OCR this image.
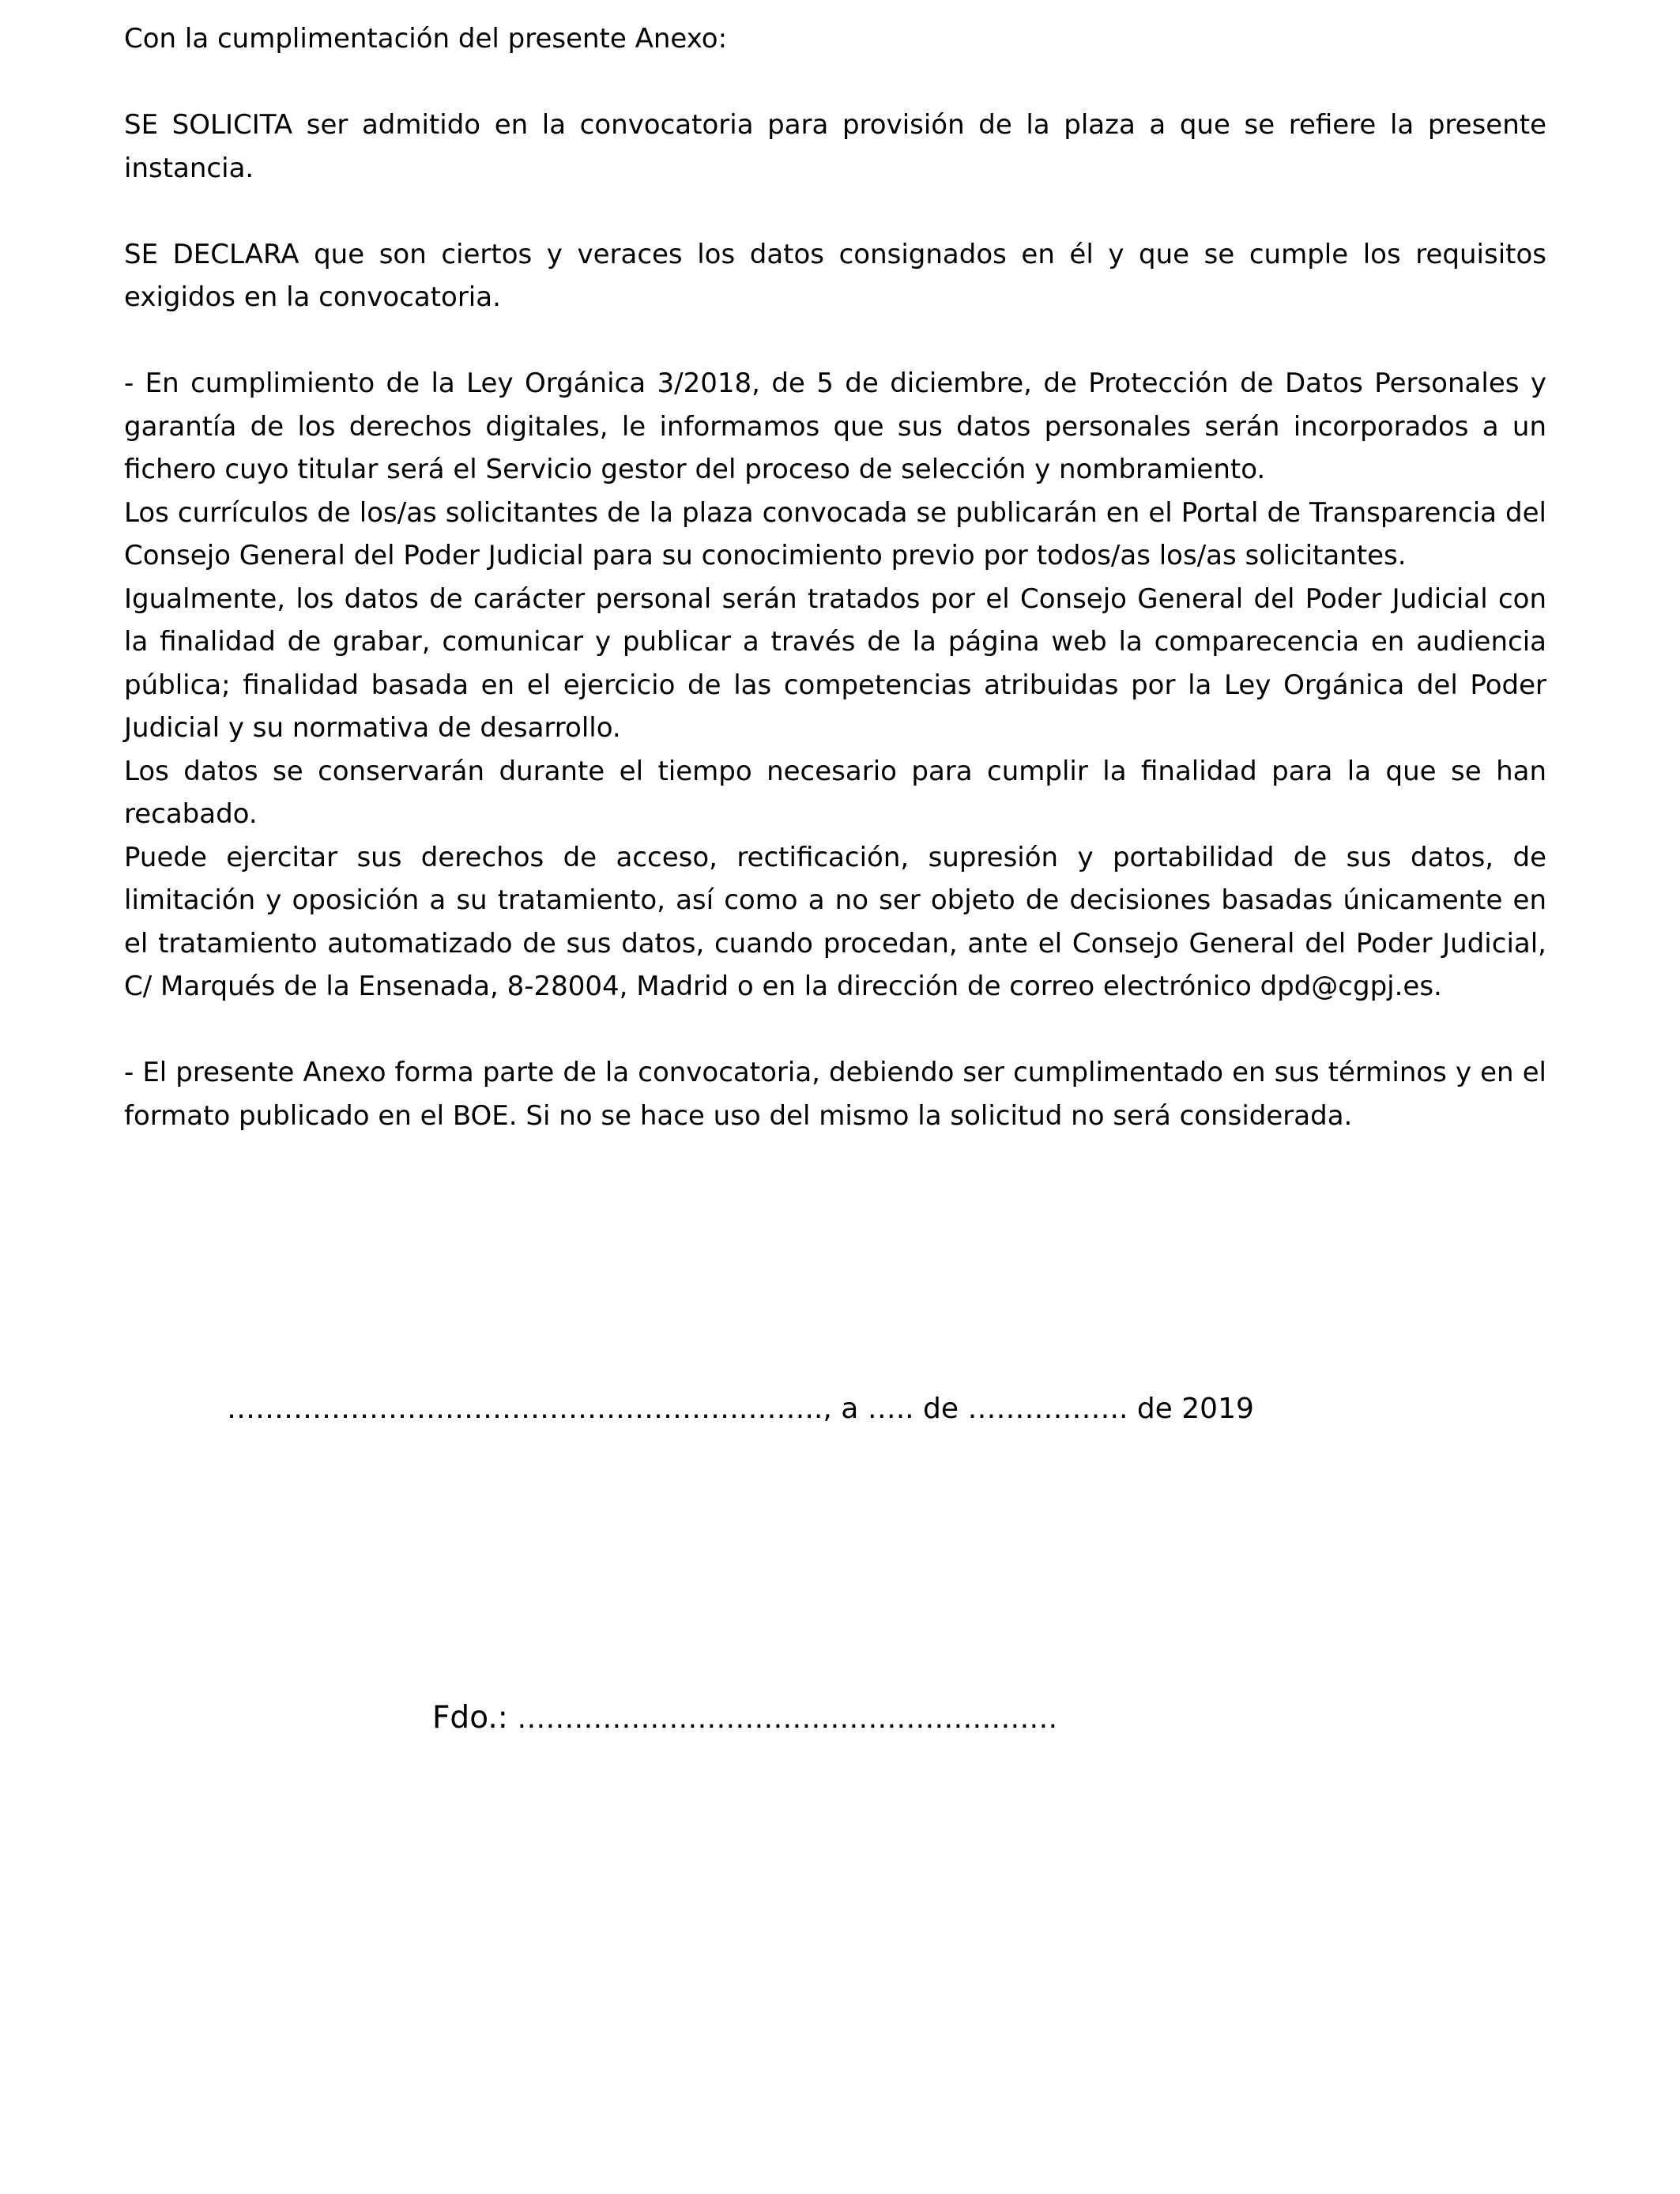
Con la cumplimentación del presente Anexo:

SE SOLICITA ser admitido en la convocatoria para provisión de la plaza a que se refiere la presente instancia.

SE DECLARA que son ciertos y veraces los datos consignados en él y que se cumple los requisitos exigidos en la convocatoria.

- En cumplimiento de la Ley Orgánica 3/2018, de 5 de diciembre, de Protección de Datos Personales y garantía de los derechos digitales, le informamos que sus datos personales serán incorporados a un fichero cuyo titular será el Servicio gestor del proceso de selección y nombramiento.

Los currículos de los/as solicitantes de la plaza convocada se publicarán en el Portal de Transparencia del Consejo General del Poder Judicial para su conocimiento previo por todos/as los/as solicitantes.

Igualmente, los datos de carácter personal serán tratados por el Consejo General del Poder Judicial con la finalidad de grabar, comunicar y publicar a través de la página web la comparecencia en audiencia pública; finalidad basada en el ejercicio de las competencias atribuidas por la Ley Orgánica del Poder Judicial y su normativa de desarrollo.

Los datos se conservarán durante el tiempo necesario para cumplir la finalidad para la que se han recabado.

Puede ejercitar sus derechos de acceso, rectificación, supresión y portabilidad de sus datos, de limitación y oposición a su tratamiento, así como a no ser objeto de decisiones basadas únicamente en el tratamiento automatizado de sus datos, cuando procedan, ante el Consejo General del Poder Judicial, C/ Marqués de la Ensenada, 8-28004, Madrid o en la dirección de correo electrónico dpd@cgpj.es.

- El presente Anexo forma parte de la convocatoria, debiendo ser cumplimentado en sus términos y en el formato publicado en el BOE. Si no se hace uso del mismo la solicitud no será considerada.

……………………………………………….…….., a ….. de …………….. de 2019
Fdo.: …………………………………………………
